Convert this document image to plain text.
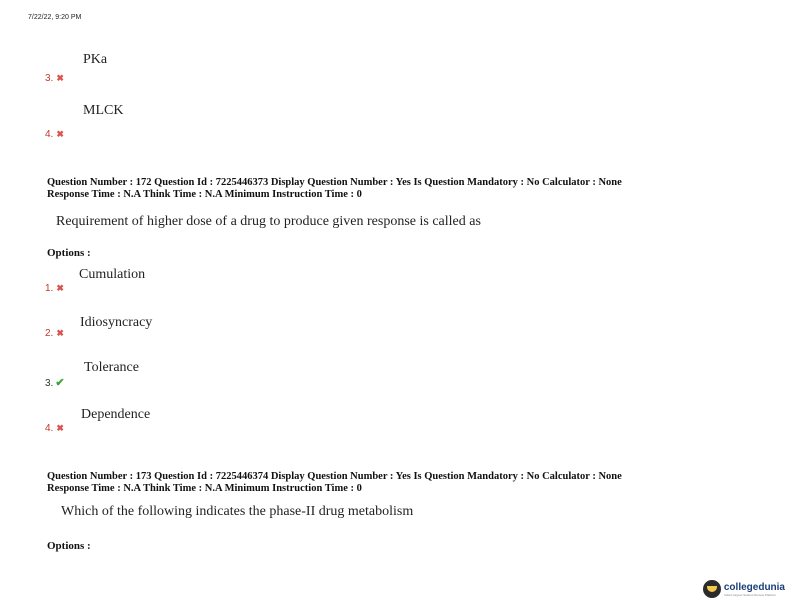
7/22/22, 9:20 PM
PKa
3. ✖
MLCK
4. ✖
Question Number : 172 Question Id : 7225446373 Display Question Number : Yes Is Question Mandatory : No Calculator : None
Response Time : N.A Think Time : N.A Minimum Instruction Time : 0
Requirement of higher dose of a drug to produce given response is called as
Options :
Cumulation
1. ✖
Idiosyncracy
2. ✖
Tolerance
3. ✔
Dependence
4. ✖
Question Number : 173 Question Id : 7225446374 Display Question Number : Yes Is Question Mandatory : No Calculator : None
Response Time : N.A Think Time : N.A Minimum Instruction Time : 0
Which of the following indicates the phase-II drug metabolism
Options :
collegedunia
India's largest Student Review Platform
